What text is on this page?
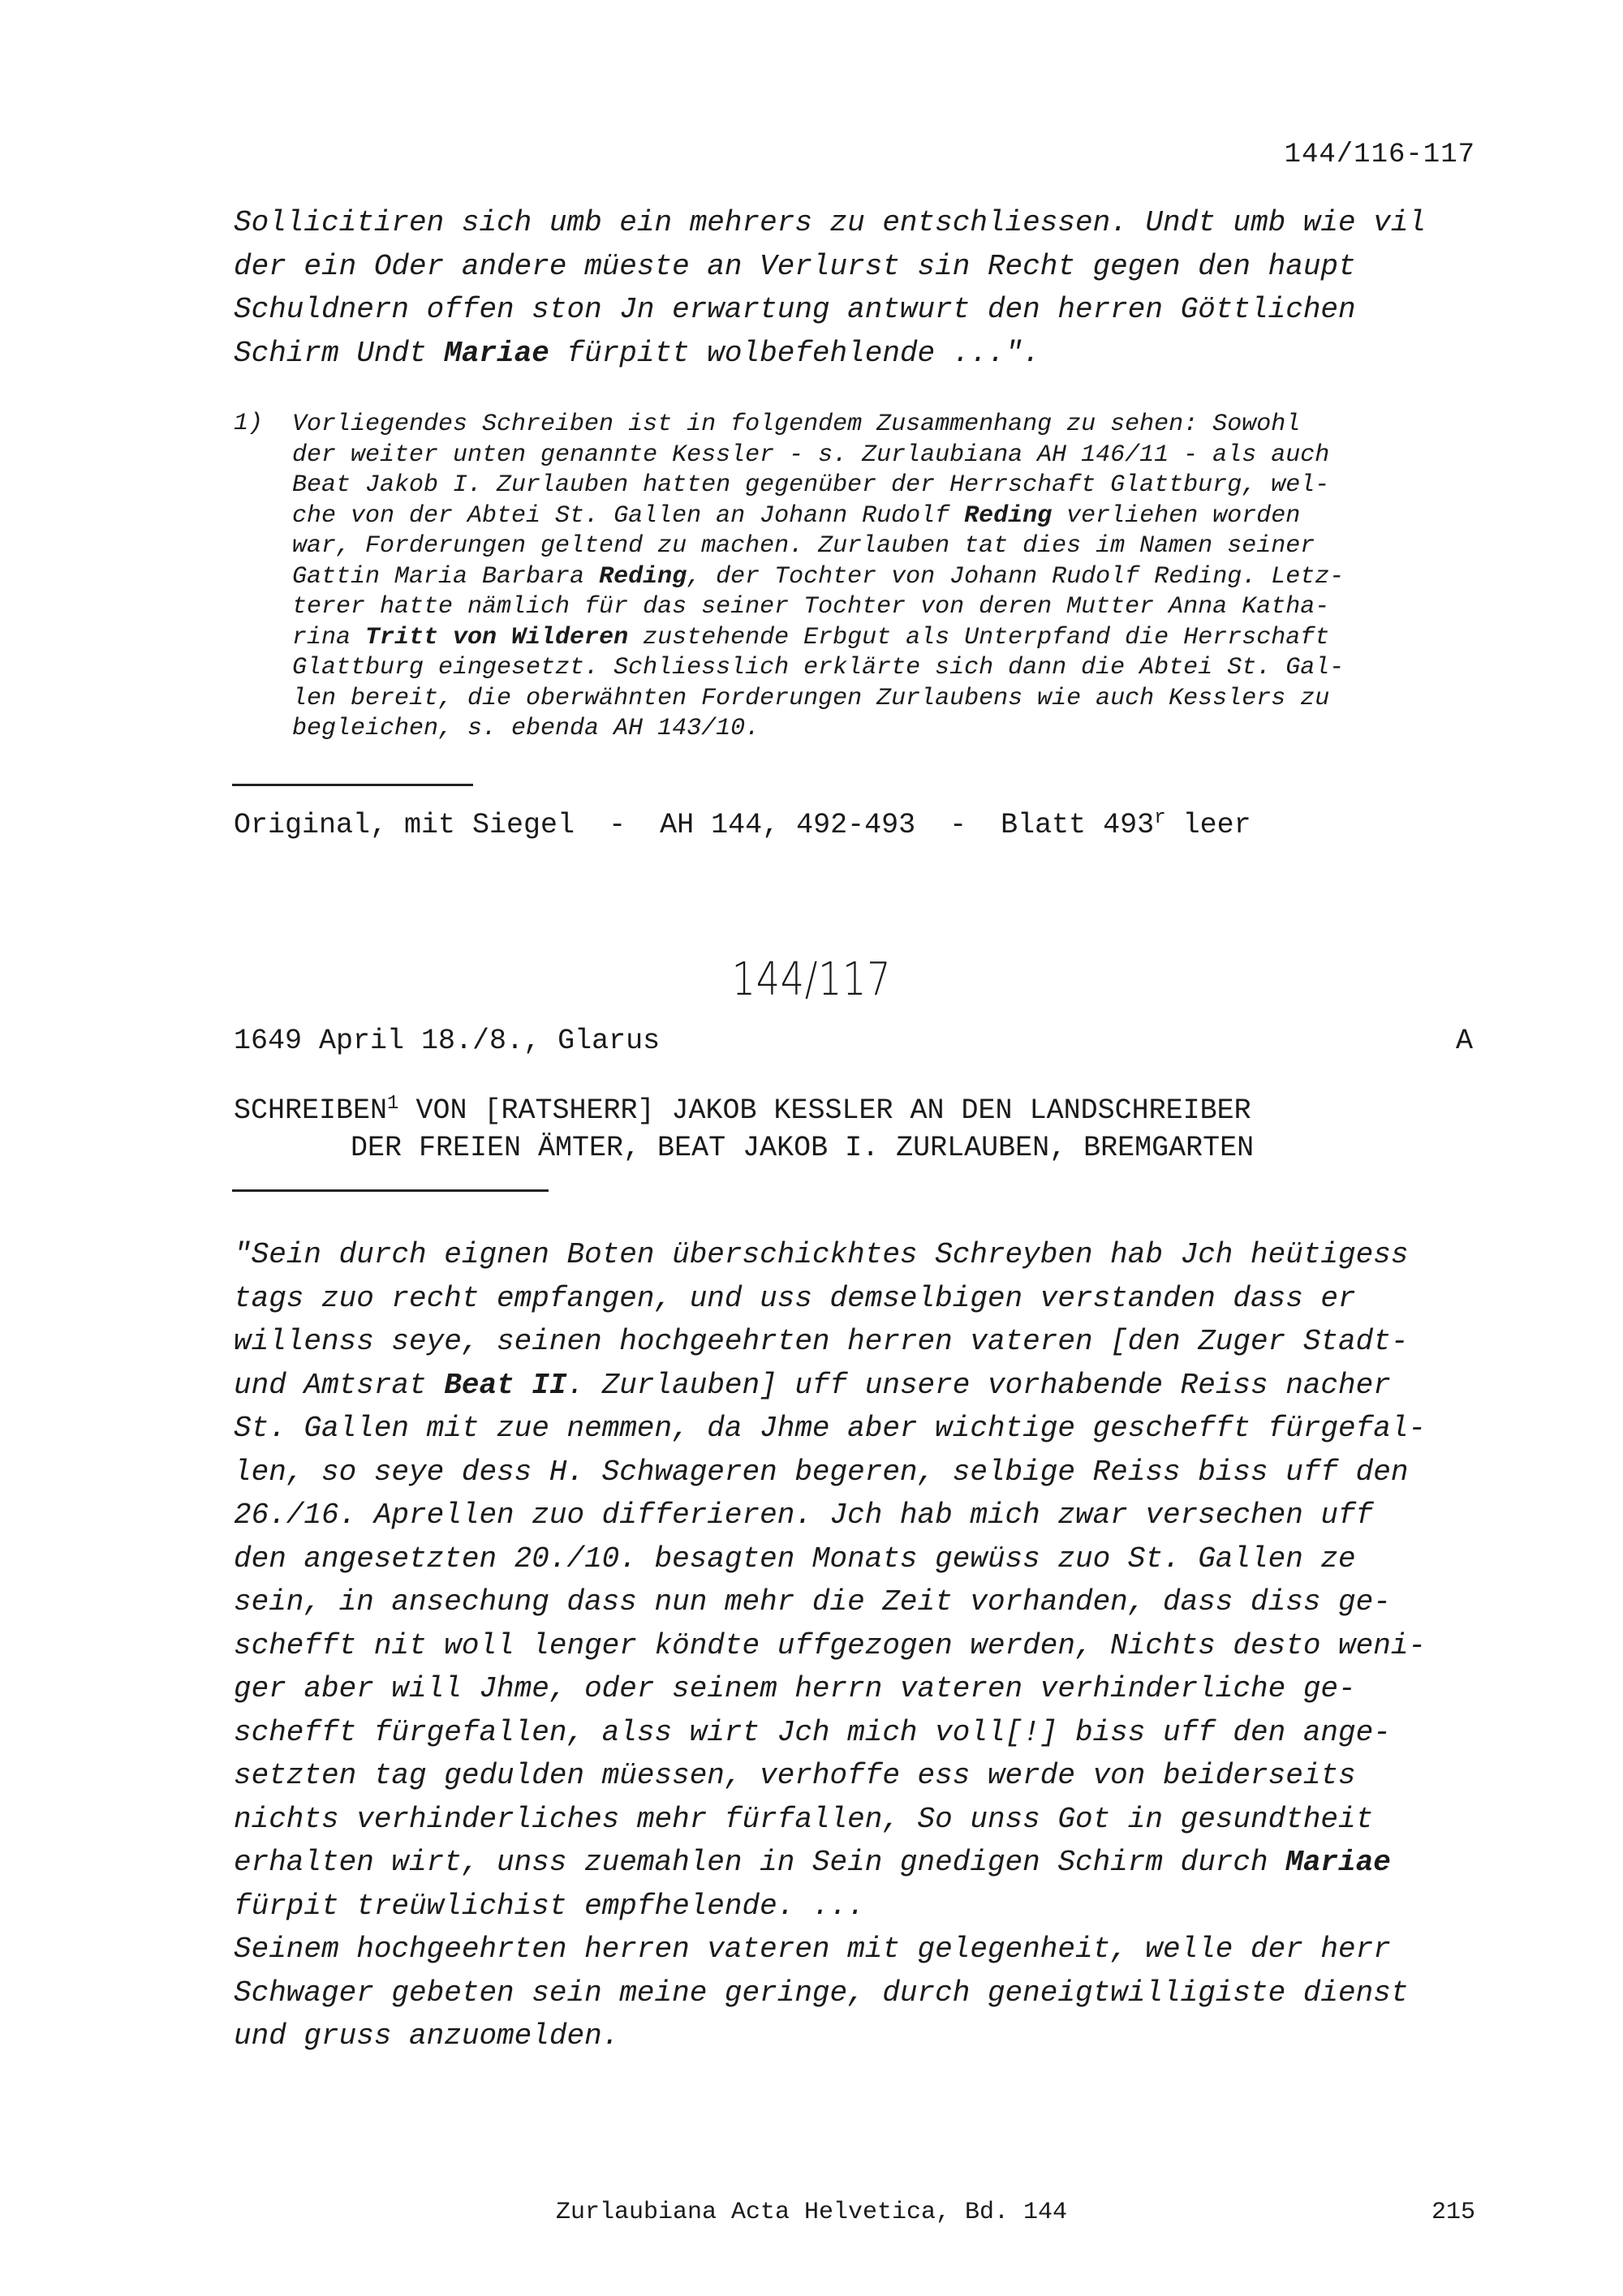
144/116-117
Sollicitiren sich umb ein mehrers zu entschliessen. Undt umb wie vil
der ein Oder andere müeste an Verlurst sin Recht gegen den haupt
Schuldnern offen ston Jn erwartung antwurt den herren Göttlichen
Schirm Undt Mariae fürpitt wolbefehlende ...".
1) Vorliegendes Schreiben ist in folgendem Zusammenhang zu sehen: Sowohl
der weiter unten genannte Kessler - s. Zurlaubiana AH 146/11 - als auch
Beat Jakob I. Zurlauben hatten gegenüber der Herrschaft Glattburg, wel-
che von der Abtei St. Gallen an Johann Rudolf Reding verliehen worden
war, Forderungen geltend zu machen. Zurlauben tat dies im Namen seiner
Gattin Maria Barbara Reding, der Tochter von Johann Rudolf Reding. Letz-
terer hatte nämlich für das seiner Tochter von deren Mutter Anna Katha-
rina Tritt von Wilderen zustehende Erbgut als Unterpfand die Herrschaft
Glattburg eingesetzt. Schliesslich erklärte sich dann die Abtei St. Gal-
len bereit, die oberwähnten Forderungen Zurlaubens wie auch Kesslers zu
begleichen, s. ebenda AH 143/10.
Original, mit Siegel  -  AH 144, 492-493  -  Blatt 493$^r$ leer
144/117
1649 April 18./8., Glarus	A
SCHREIBEN$^1$ VON [RATSHERR] JAKOB KESSLER AN DEN LANDSCHREIBER
DER FREIEN ÄMTER, BEAT JAKOB I. ZURLAUBEN, BREMGARTEN
"Sein durch eignen Boten überschickhtes Schreyben hab Jch heütigess
tags zuo recht empfangen, und uss demselbigen verstanden dass er
willenss seye, seinen hochgeehrten herren vateren [den Zuger Stadt-
und Amtsrat Beat II. Zurlauben] uff unsere vorhabende Reiss nacher
St. Gallen mit zue nemmen, da Jhme aber wichtige geschefft fürgefal-
len, so seye dess H. Schwageren begeren, selbige Reiss biss uff den
26./16. Aprellen zuo differieren. Jch hab mich zwar versechen uff
den angesetzten 20./10. besagten Monats gewüss zuo St. Gallen ze
sein, in ansechung dass nun mehr die Zeit vorhanden, dass diss ge-
schefft nit woll lenger köndte uffgezogen werden, Nichts desto weni-
ger aber will Jhme, oder seinem herrn vateren verhinderliche ge-
schefft fürgefallen, alss wirt Jch mich voll[!] biss uff den ange-
setzten tag gedulden müessen, verhoffe ess werde von beiderseits
nichts verhinderliches mehr fürfallen, So unss Got in gesundtheit
erhalten wirt, unss zuemahlen in Sein gnedigen Schirm durch Mariae
fürpit treüwlichist empfhelende. ...
Seinem hochgeehrten herren vateren mit gelegenheit, welle der herr
Schwager gebeten sein meine geringe, durch geneigtwilligiste dienst
und gruss anzuomelden.
Zurlaubiana Acta Helvetica, Bd. 144	215
